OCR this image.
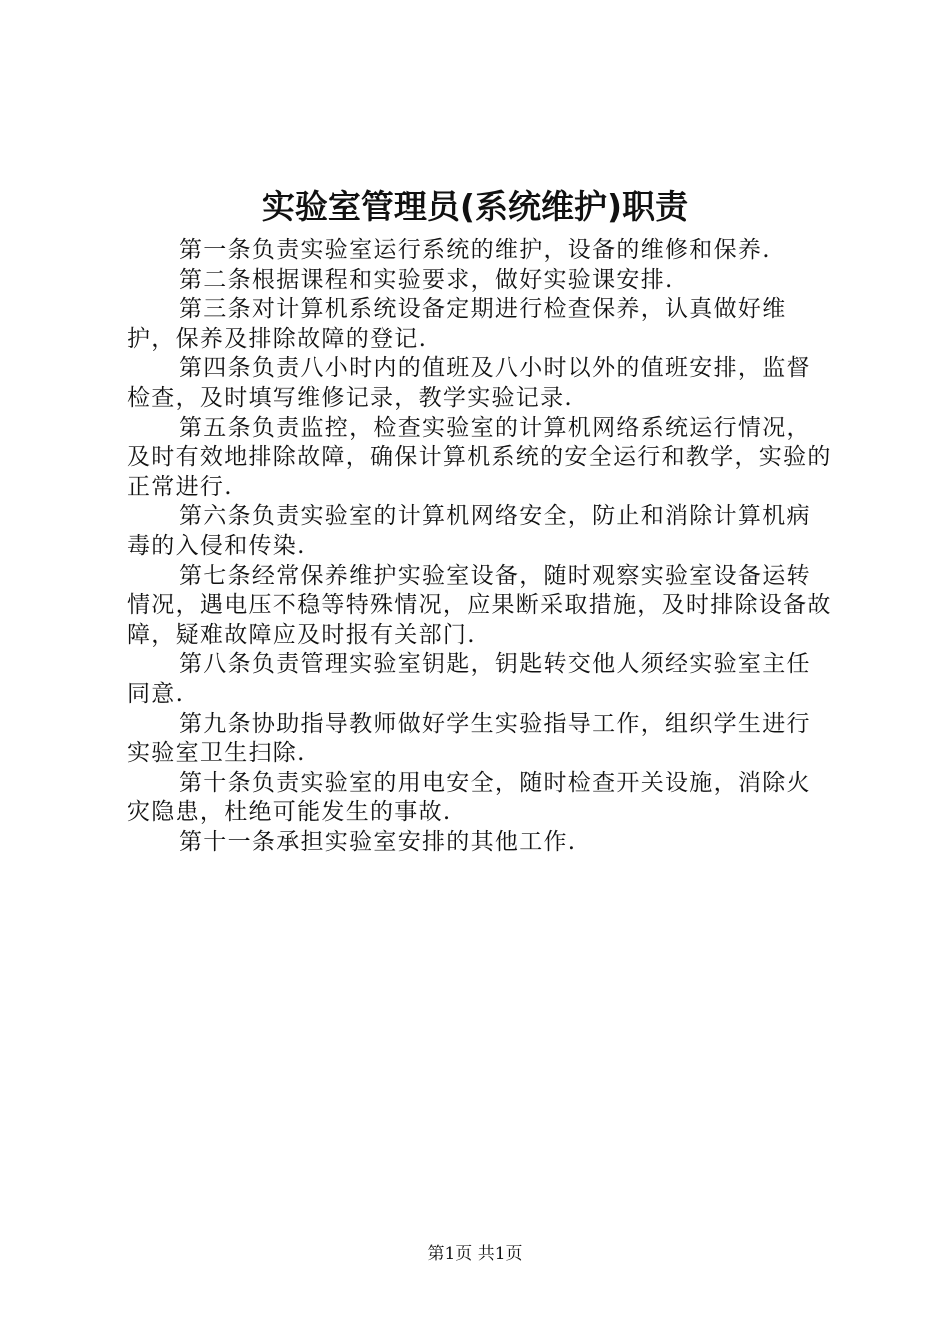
实验室管理员(系统维护)职责

第一条负责实验室运行系统的维护，设备的维修和保养.

第二条根据课程和实验要求，做好实验课安排.

第三条对计算机系统设备定期进行检查保养，认真做好维护，保养及排除故障的登记.

第四条负责八小时内的值班及八小时以外的值班安排，监督检查，及时填写维修记录，教学实验记录.

第五条负责监控，检查实验室的计算机网络系统运行情况，及时有效地排除故障，确保计算机系统的安全运行和教学，实验的正常进行.

第六条负责实验室的计算机网络安全，防止和消除计算机病毒的入侵和传染.

第七条经常保养维护实验室设备，随时观察实验室设备运转情况，遇电压不稳等特殊情况，应果断采取措施，及时排除设备故障，疑难故障应及时报有关部门.

第八条负责管理实验室钥匙，钥匙转交他人须经实验室主任同意.

第九条协助指导教师做好学生实验指导工作，组织学生进行实验室卫生扫除.

第十条负责实验室的用电安全，随时检查开关设施，消除火灾隐患，杜绝可能发生的事故.

第十一条承担实验室安排的其他工作.

第1页 共1页
